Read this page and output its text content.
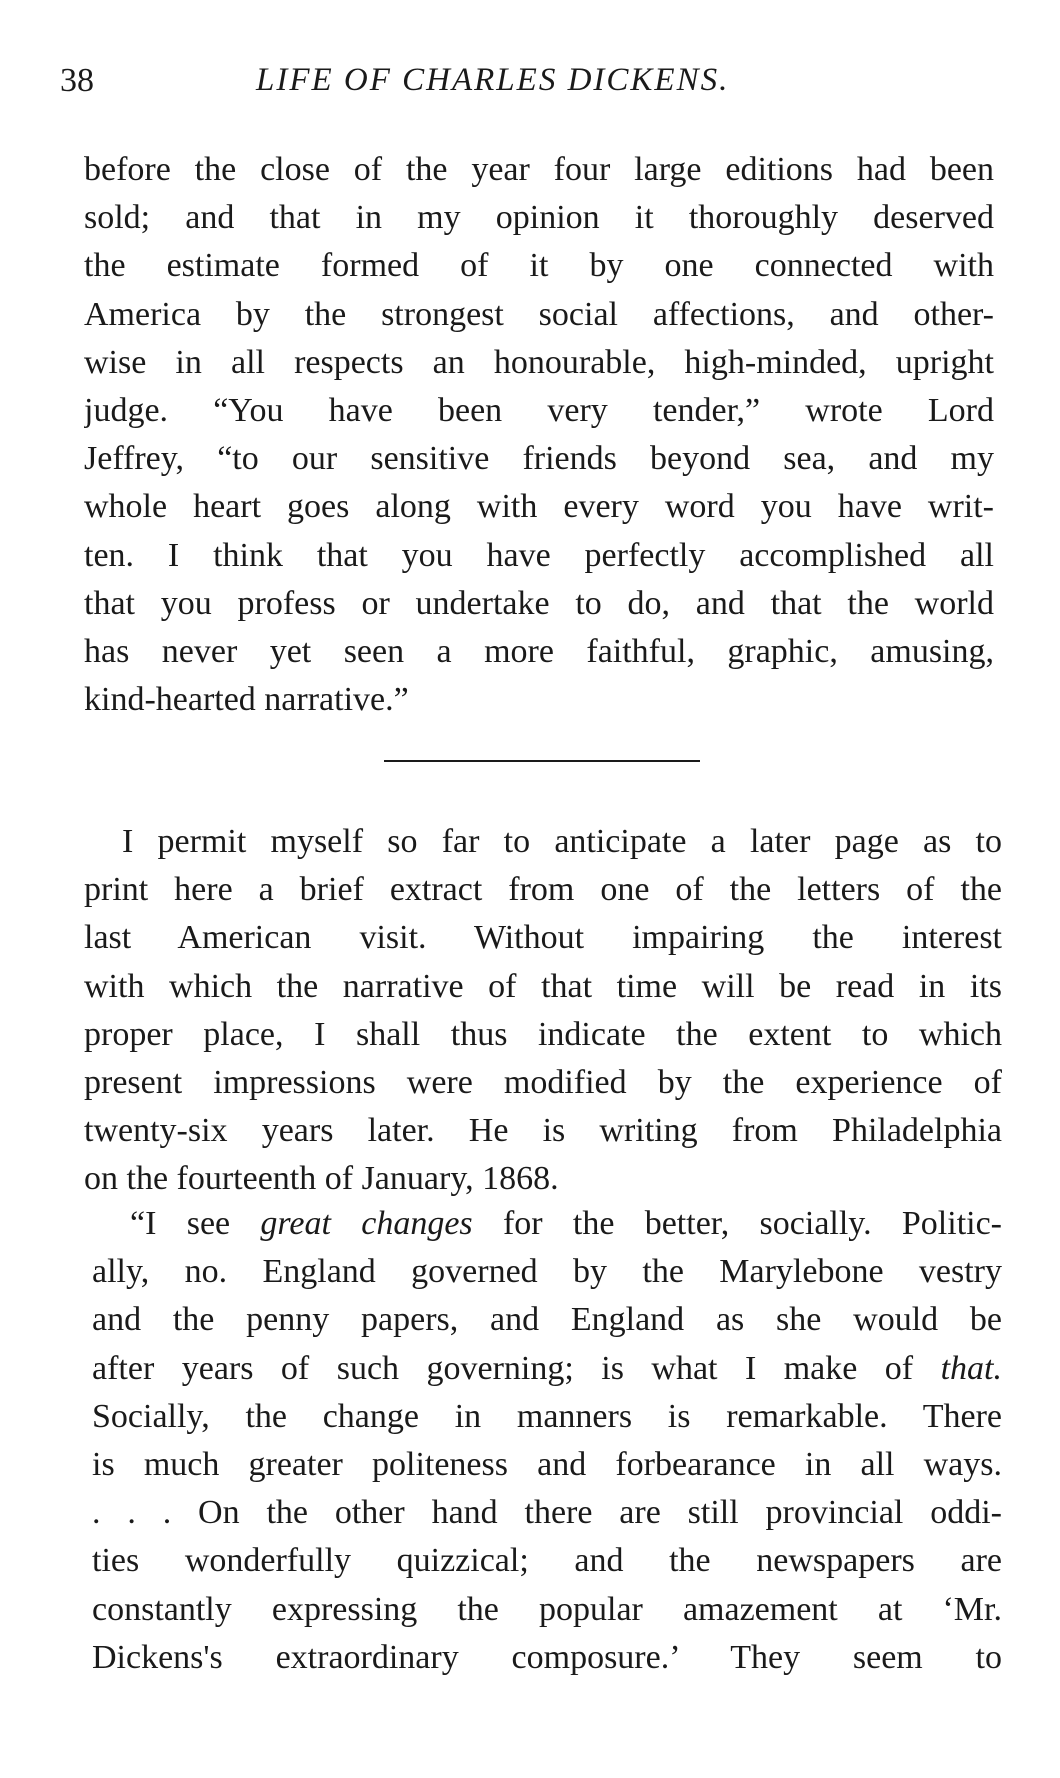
38	LIFE OF CHARLES DICKENS.
before the close of the year four large editions had been
sold; and that in my opinion it thoroughly deserved
the estimate formed of it by one connected with
America by the strongest social affections, and other-
wise in all respects an honourable, high-minded, upright
judge. “You have been very tender,” wrote Lord
Jeffrey, “to our sensitive friends beyond sea, and my
whole heart goes along with every word you have writ-
ten. I think that you have perfectly accomplished all
that you profess or undertake to do, and that the world
has never yet seen a more faithful, graphic, amusing,
kind-hearted narrative.”
I permit myself so far to anticipate a later page as to
print here a brief extract from one of the letters of the
last American visit. Without impairing the interest
with which the narrative of that time will be read in its
proper place, I shall thus indicate the extent to which
present impressions were modified by the experience of
twenty-six years later. He is writing from Philadelphia
on the fourteenth of January, 1868.
“I see great changes for the better, socially. Politic-
ally, no. England governed by the Marylebone vestry
and the penny papers, and England as she would be
after years of such governing; is what I make of that.
Socially, the change in manners is remarkable. There
is much greater politeness and forbearance in all ways.
. . . On the other hand there are still provincial oddi-
ties wonderfully quizzical; and the newspapers are
constantly expressing the popular amazement at ‘Mr.
Dickens's extraordinary composure.’ They seem to
